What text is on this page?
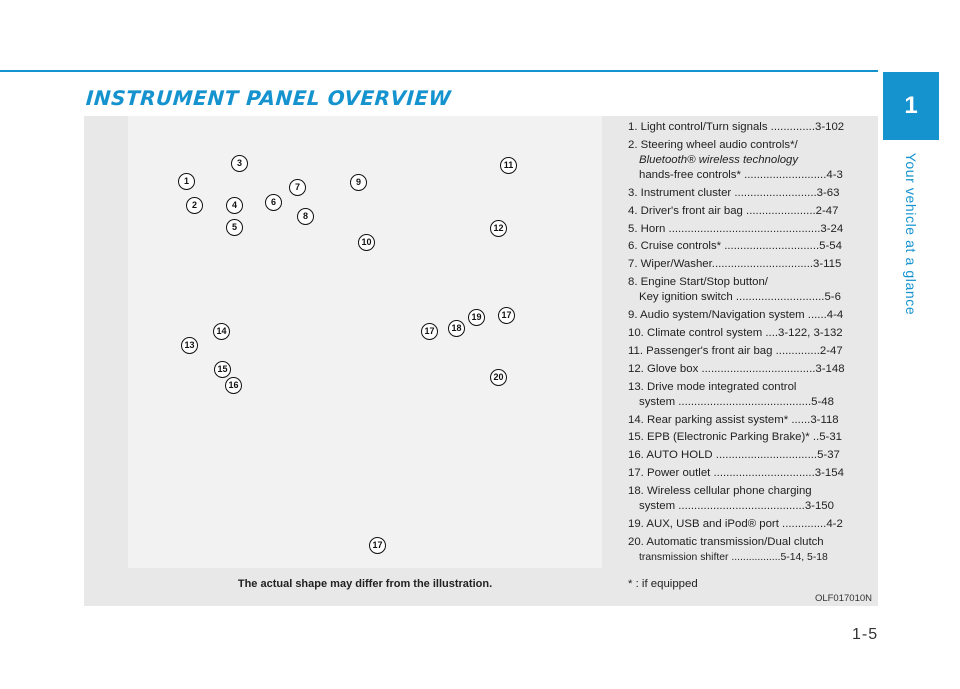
INSTRUMENT PANEL OVERVIEW	1
Your vehicle at a glance
1
2
3
4
5
6
7
8
9
10
11
12
13
14
15
16
17
17
18
19
20
17
The actual shape may differ from the illustration.
1. Light control/Turn signals ..............3-102
2. Steering wheel audio controls*/
Bluetooth® wireless technology
hands-free controls* ..........................4-3
3. Instrument cluster ..........................3-63
4. Driver's front air bag ......................2-47
5. Horn ................................................3-24
6. Cruise controls* ..............................5-54
7. Wiper/Washer................................3-115
8. Engine Start/Stop button/
Key ignition switch ............................5-6
9. Audio system/Navigation system ......4-4
10. Climate control system ....3-122, 3-132
11. Passenger's front air bag ..............2-47
12. Glove box ....................................3-148
13. Drive mode integrated control
system ..........................................5-48
14. Rear parking assist system* ......3-118
15. EPB (Electronic Parking Brake)* ..5-31
16. AUTO HOLD ................................5-37
17. Power outlet ................................3-154
18. Wireless cellular phone charging
system ........................................3-150
19. AUX, USB and iPod® port ..............4-2
20. Automatic transmission/Dual clutch
transmission shifter .................5-14, 5-18
* : if equipped
OLF017010N
1-5
